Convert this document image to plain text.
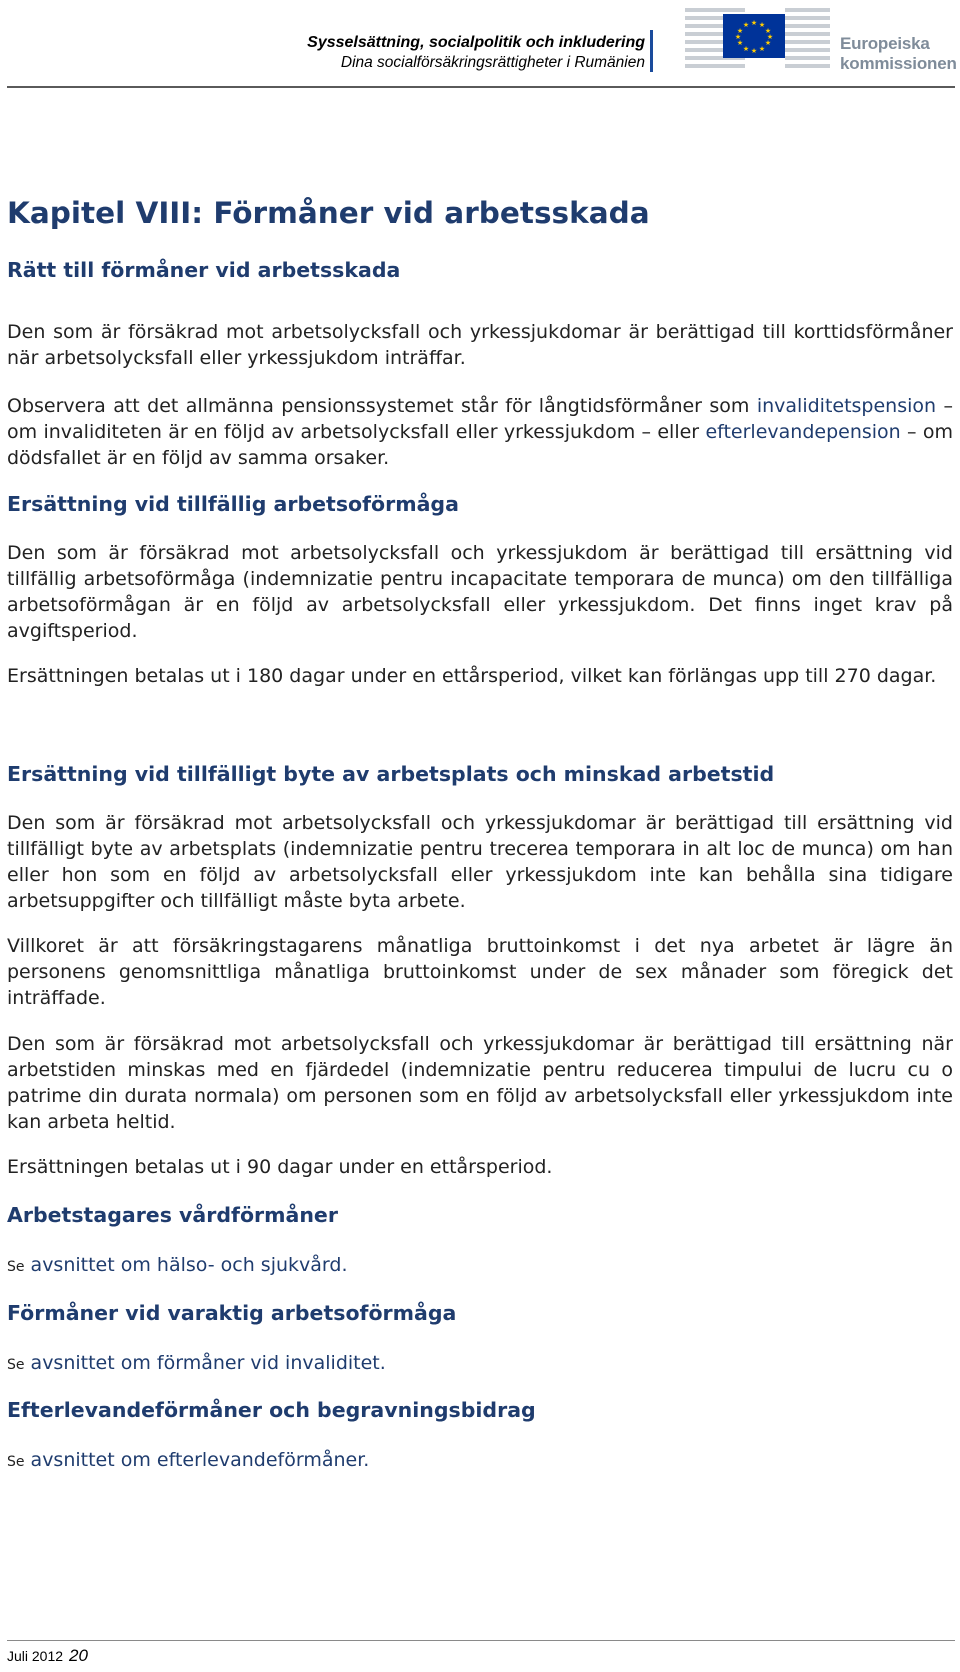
Sysselsättning, socialpolitik och inkludering
Dina socialförsäkringsrättigheter i Rumänien
★ ★
★
★
★
★
★
★
★
★
★
★
Europeiska
kommissionen
Kapitel VIII: Förmåner vid arbetsskada
Rätt till förmåner vid arbetsskada
Den som är försäkrad mot arbetsolycksfall och yrkessjukdomar är berättigad till korttidsförmåner när arbetsolycksfall eller yrkessjukdom inträffar.
Observera att det allmänna pensionssystemet står för långtidsförmåner som invaliditetspension – om invaliditeten är en följd av arbetsolycksfall eller yrkessjukdom – eller efterlevandepension – om dödsfallet är en följd av samma orsaker.
Ersättning vid tillfällig arbetsoförmåga
Den som är försäkrad mot arbetsolycksfall och yrkessjukdom är berättigad till ersättning vid tillfällig arbetsoförmåga (indemnizatie pentru incapacitate temporara de munca) om den tillfälliga arbetsoförmågan är en följd av arbetsolycksfall eller yrkessjukdom. Det finns inget krav på avgiftsperiod.
Ersättningen betalas ut i 180 dagar under en ettårsperiod, vilket kan förlängas upp till 270 dagar.
Ersättning vid tillfälligt byte av arbetsplats och minskad arbetstid
Den som är försäkrad mot arbetsolycksfall och yrkessjukdomar är berättigad till ersättning vid tillfälligt byte av arbetsplats (indemnizatie pentru trecerea temporara in alt loc de munca) om han eller hon som en följd av arbetsolycksfall eller yrkessjukdom inte kan behålla sina tidigare arbetsuppgifter och tillfälligt måste byta arbete.
Villkoret är att försäkringstagarens månatliga bruttoinkomst i det nya arbetet är lägre än personens genomsnittliga månatliga bruttoinkomst under de sex månader som föregick det inträffade.
Den som är försäkrad mot arbetsolycksfall och yrkessjukdomar är berättigad till ersättning när arbetstiden minskas med en fjärdedel (indemnizatie pentru reducerea timpului de lucru cu o patrime din durata normala) om personen som en följd av arbetsolycksfall eller yrkessjukdom inte kan arbeta heltid.
Ersättningen betalas ut i 90 dagar under en ettårsperiod.
Arbetstagares vårdförmåner
Se avsnittet om hälso- och sjukvård.
Förmåner vid varaktig arbetsoförmåga
Se avsnittet om förmåner vid invaliditet.
Efterlevandeförmåner och begravningsbidrag
Se avsnittet om efterlevandeförmåner.
Juli 2012 20
